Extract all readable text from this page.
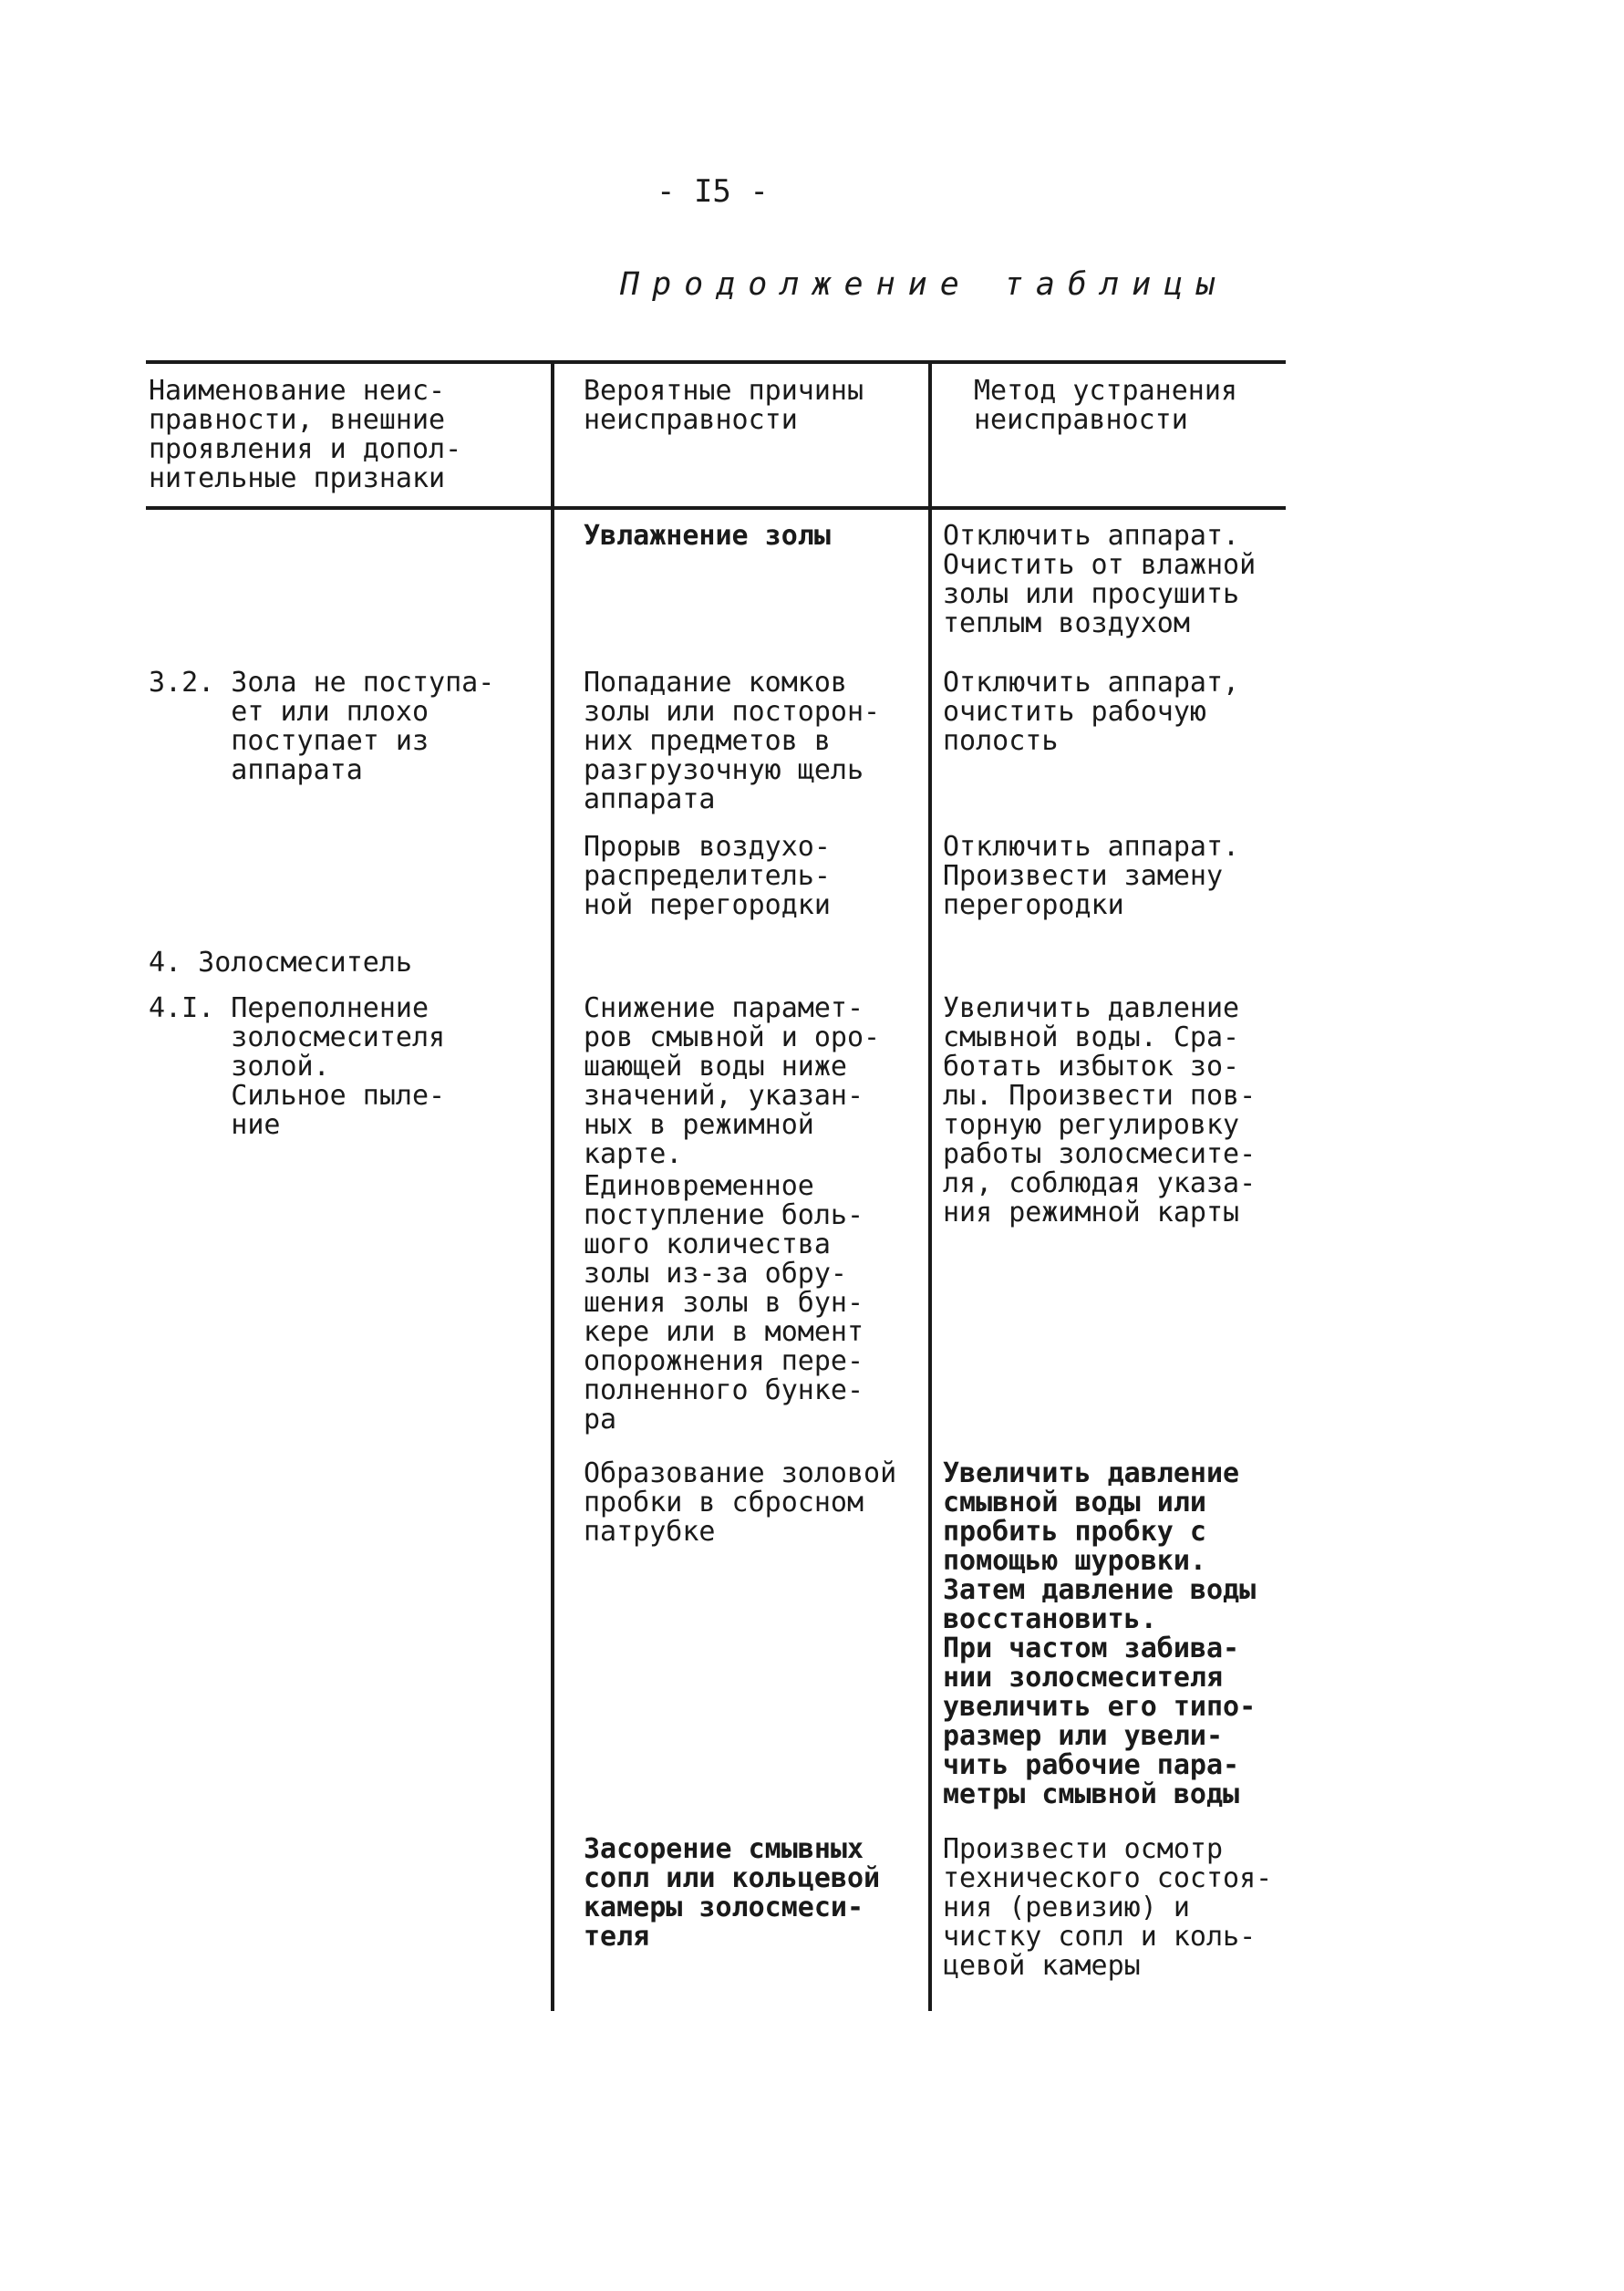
- I5 -
Продолжение таблицы
Наименование неис-
правности, внешние
проявления и допол-
нительные признаки
Вероятные причины
неисправности
Метод устранения
неисправности
Увлажнение золы	Отключить аппарат.
Очистить от влажной
золы или просушить
теплым воздухом
3.2. Зола не поступа-
ет или плохо
поступает из
аппарата
Попадание комков
золы или посторон-
них предметов в
разгрузочную щель
аппарата
Отключить аппарат,
очистить рабочую
полость
Прорыв воздухо-
распределитель-
ной перегородки
Отключить аппарат.
Произвести замену
перегородки
4. Золосмеситель
4.I. Переполнение
золосмесителя
золой.
Сильное пыле-
ние
Снижение парамет-
ров смывной и оро-
шающей воды ниже
значений, указан-
ных в режимной
карте.
Единовременное
поступление боль-
шого количества
золы из-за обру-
шения золы в бун-
кере или в момент
опорожнения пере-
полненного бунке-
ра
Увеличить давление
смывной воды. Сра-
ботать избыток зо-
лы. Произвести пов-
торную регулировку
работы золосмесите-
ля, соблюдая указа-
ния режимной карты
Образование золовой
пробки в сбросном
патрубке
Увеличить давление
смывной воды или
пробить пробку с
помощью шуровки.
Затем давление воды
восстановить.
При частом забива-
нии золосмесителя
увеличить его типо-
размер или увели-
чить рабочие пара-
метры смывной воды
Засорение смывных
сопл или кольцевой
камеры золосмеси-
теля
Произвести осмотр
технического состоя-
ния (ревизию) и
чистку сопл и коль-
цевой камеры
